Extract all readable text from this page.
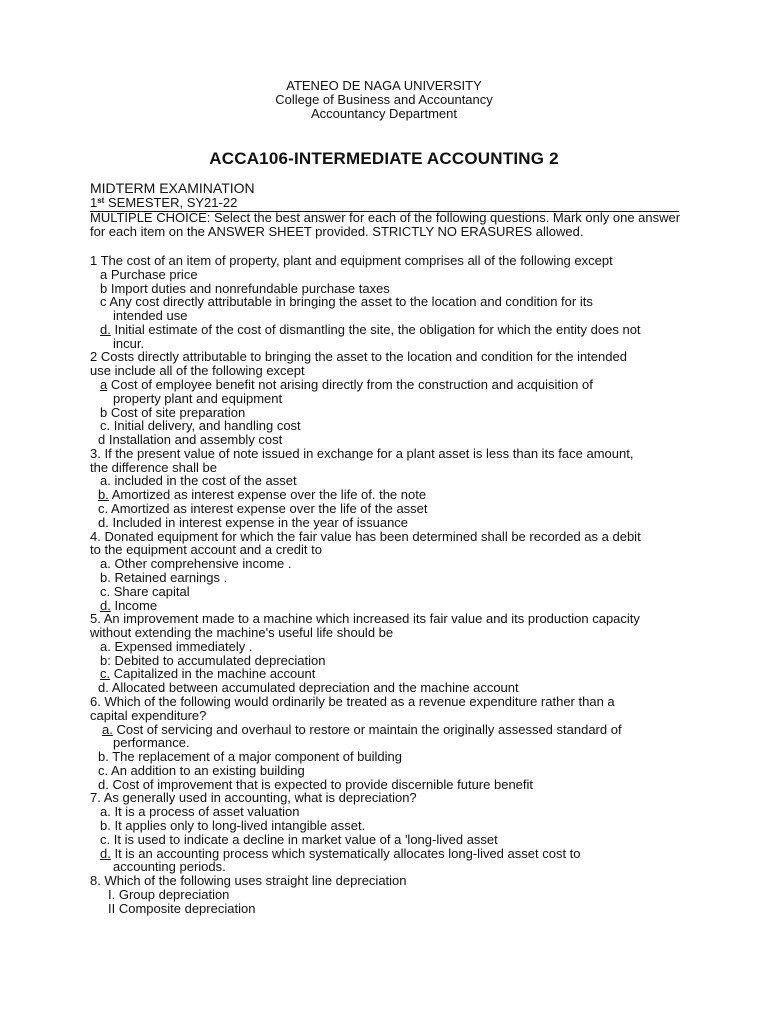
ATENEO DE NAGA UNIVERSITY
College of Business and Accountancy
Accountancy Department
ACCA106-INTERMEDIATE ACCOUNTING 2
MIDTERM EXAMINATION
1st SEMESTER, SY21-22
MULTIPLE CHOICE: Select the best answer for each of the following questions. Mark only one answer for each item on the ANSWER SHEET provided. STRICTLY NO ERASURES allowed.
1 The cost of an item of property, plant and equipment comprises all of the following except
a Purchase price
b Import duties and nonrefundable purchase taxes
c Any cost directly attributable in bringing the asset to the location and condition for its
intended use
d. Initial estimate of the cost of dismantling the site, the obligation for which the entity does not
incur.
2 Costs directly attributable to bringing the asset to the location and condition for the intended
use include all of the following except
a Cost of employee benefit not arising directly from the construction and acquisition of
property plant and equipment
b Cost of site preparation
c. Initial delivery, and handling cost
d Installation and assembly cost
3. If the present value of note issued in exchange for a plant asset is less than its face amount,
the difference shall be
a. included in the cost of the asset
b. Amortized as interest expense over the life of. the note
c. Amortized as interest expense over the life of the asset
d. Included in interest expense in the year of issuance
4. Donated equipment for which the fair value has been determined shall be recorded as a debit
to the equipment account and a credit to
a. Other comprehensive income .
b. Retained earnings .
c. Share capital
d. Income
5. An improvement made to a machine which increased its fair value and its production capacity
without extending the machine's useful life should be
a. Expensed immediately .
b: Debited to accumulated depreciation
c. Capitalized in the machine account
d. Allocated between accumulated depreciation and the machine account
6. Which of the following would ordinarily be treated as a revenue expenditure rather than a
capital expenditure?
a. Cost of servicing and overhaul to restore or maintain the originally assessed standard of
performance.
b. The replacement of a major component of building
c. An addition to an existing building
d. Cost of improvement that is expected to provide discernible future benefit
7. As generally used in accounting, what is depreciation?
a. It is a process of asset valuation
b. It applies only to long-lived intangible asset.
c. It is used to indicate a decline in market value of a 'long-lived asset
d. It is an accounting process which systematically allocates long-lived asset cost to
accounting periods.
8. Which of the following uses straight line depreciation
I. Group depreciation
II Composite depreciation
